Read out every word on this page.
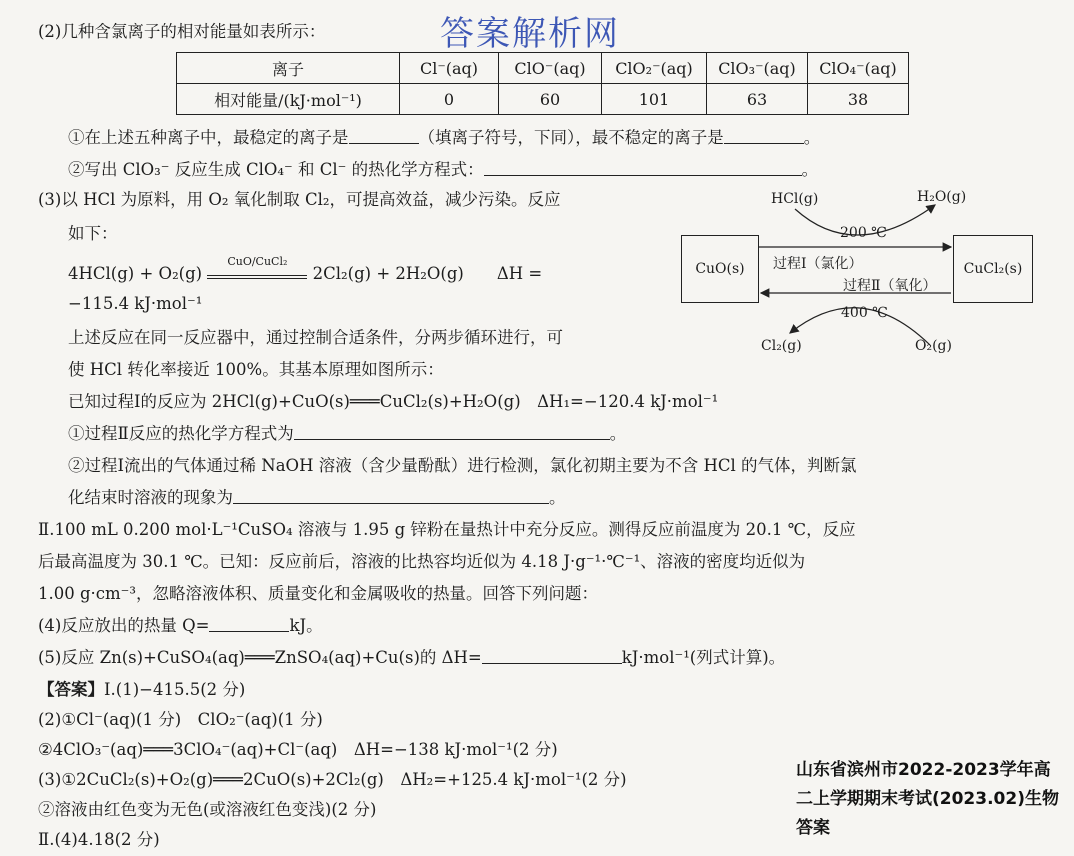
答案解析网
(2)几种含氯离子的相对能量如表所示：
离子	Cl⁻(aq)	ClO⁻(aq)	ClO₂⁻(aq)	ClO₃⁻(aq)	ClO₄⁻(aq)
相对能量/(kJ·mol⁻¹)	0	60	101	63	38
①在上述五种离子中，最稳定的离子是	（填离子符号，下同），最不稳定的离子是	。
②写出 ClO₃⁻ 反应生成 ClO₄⁻ 和 Cl⁻ 的热化学方程式：	。
(3)以 HCl 为原料，用 O₂ 氧化制取 Cl₂，可提高效益，减少污染。反应
如下：
4HCl(g) + O₂(g)
CuO/CuCl₂
2Cl₂(g) + 2H₂O(g)　　ΔH =
−115.4 kJ·mol⁻¹
上述反应在同一反应器中，通过控制合适条件，分两步循环进行，可
使 HCl 转化率接近 100%。其基本原理如图所示：
已知过程Ⅰ的反应为 2HCl(g)+CuO(s)═══CuCl₂(s)+H₂O(g)　ΔH₁=−120.4 kJ·mol⁻¹
①过程Ⅱ反应的热化学方程式为	。
②过程Ⅰ流出的气体通过稀 NaOH 溶液（含少量酚酞）进行检测，氯化初期主要为不含 HCl 的气体，判断氯
化结束时溶液的现象为	。
CuO(s)	CuCl₂(s)
HCl(g)	H₂O(g)
200 ℃
过程Ⅰ（氯化）
过程Ⅱ（氧化）
400 ℃
Cl₂(g)	O₂(g)
Ⅱ.100 mL 0.200 mol·L⁻¹CuSO₄ 溶液与 1.95 g 锌粉在量热计中充分反应。测得反应前温度为 20.1 ℃，反应
后最高温度为 30.1 ℃。已知：反应前后，溶液的比热容均近似为 4.18 J·g⁻¹·℃⁻¹、溶液的密度均近似为
1.00 g·cm⁻³，忽略溶液体积、质量变化和金属吸收的热量。回答下列问题：
(4)反应放出的热量 Q=	kJ。
(5)反应 Zn(s)+CuSO₄(aq)═══ZnSO₄(aq)+Cu(s)的 ΔH=	kJ·mol⁻¹(列式计算)。
【答案】Ⅰ.(1)−415.5(2 分)
(2)①Cl⁻(aq)(1 分)　ClO₂⁻(aq)(1 分)
②4ClO₃⁻(aq)═══3ClO₄⁻(aq)+Cl⁻(aq)　ΔH=−138 kJ·mol⁻¹(2 分)
(3)①2CuCl₂(s)+O₂(g)═══2CuO(s)+2Cl₂(g)　ΔH₂=+125.4 kJ·mol⁻¹(2 分)
②溶液由红色变为无色(或溶液红色变浅)(2 分)
Ⅱ.(4)4.18(2 分)
山东省滨州市2022-2023学年高二上学期期末考试(2023.02)生物答案
